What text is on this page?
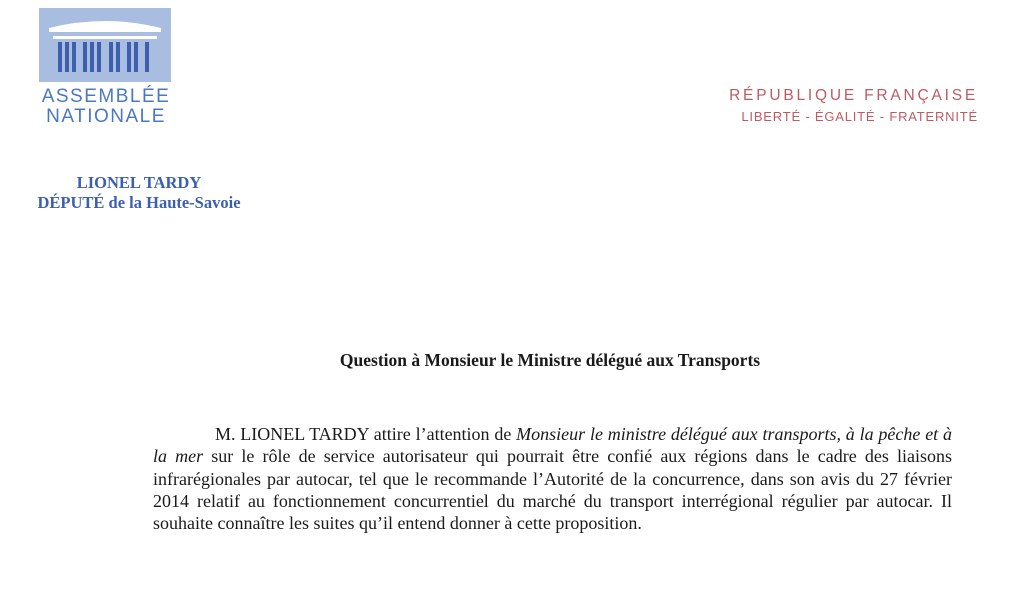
ASSEMBLÉE
NATIONALE
RÉPUBLIQUE FRANÇAISE
LIBERTÉ - ÉGALITÉ - FRATERNITÉ
LIONEL TARDY
DÉPUTÉ de la Haute-Savoie
Question à Monsieur le Ministre délégué aux Transports
M. LIONEL TARDY attire l’attention de Monsieur le ministre délégué aux transports, à la pêche et à la mer sur le rôle de service autorisateur qui pourrait être confié aux régions dans le cadre des liaisons infrarégionales par autocar, tel que le recommande l’Autorité de la concurrence, dans son avis du 27 février 2014 relatif au fonctionnement concurrentiel du marché du transport interrégional régulier par autocar. Il souhaite connaître les suites qu’il entend donner à cette proposition.
